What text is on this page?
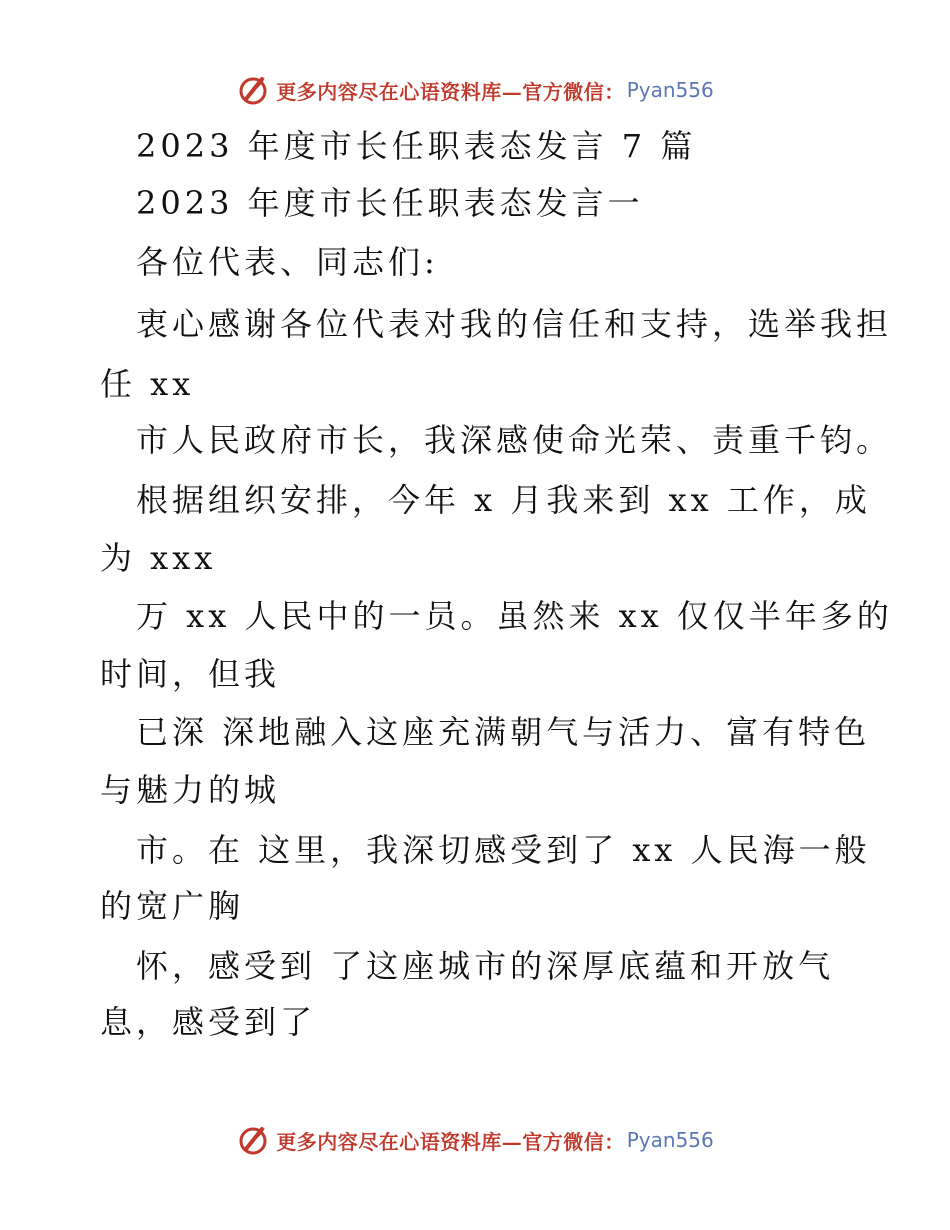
更多内容尽在心语资料库—官方微信： Pyan556
2023 年度市长任职表态发言 7 篇
2023 年度市长任职表态发言一
各位代表、同志们:
衷心感谢各位代表对我的信任和支持，选举我担
任 xx
市人民政府市长，我深感使命光荣、责重千钧。
根据组织安排，今年 x 月我来到 xx 工作，成
为 xxx
万 xx 人民中的一员。虽然来 xx 仅仅半年多的
时间，但我
已深 深地融入这座充满朝气与活力、富有特色
与魅力的城
市。在 这里，我深切感受到了 xx 人民海一般
的宽广胸
怀，感受到 了这座城市的深厚底蕴和开放气
息，感受到了
更多内容尽在心语资料库—官方微信： Pyan556
